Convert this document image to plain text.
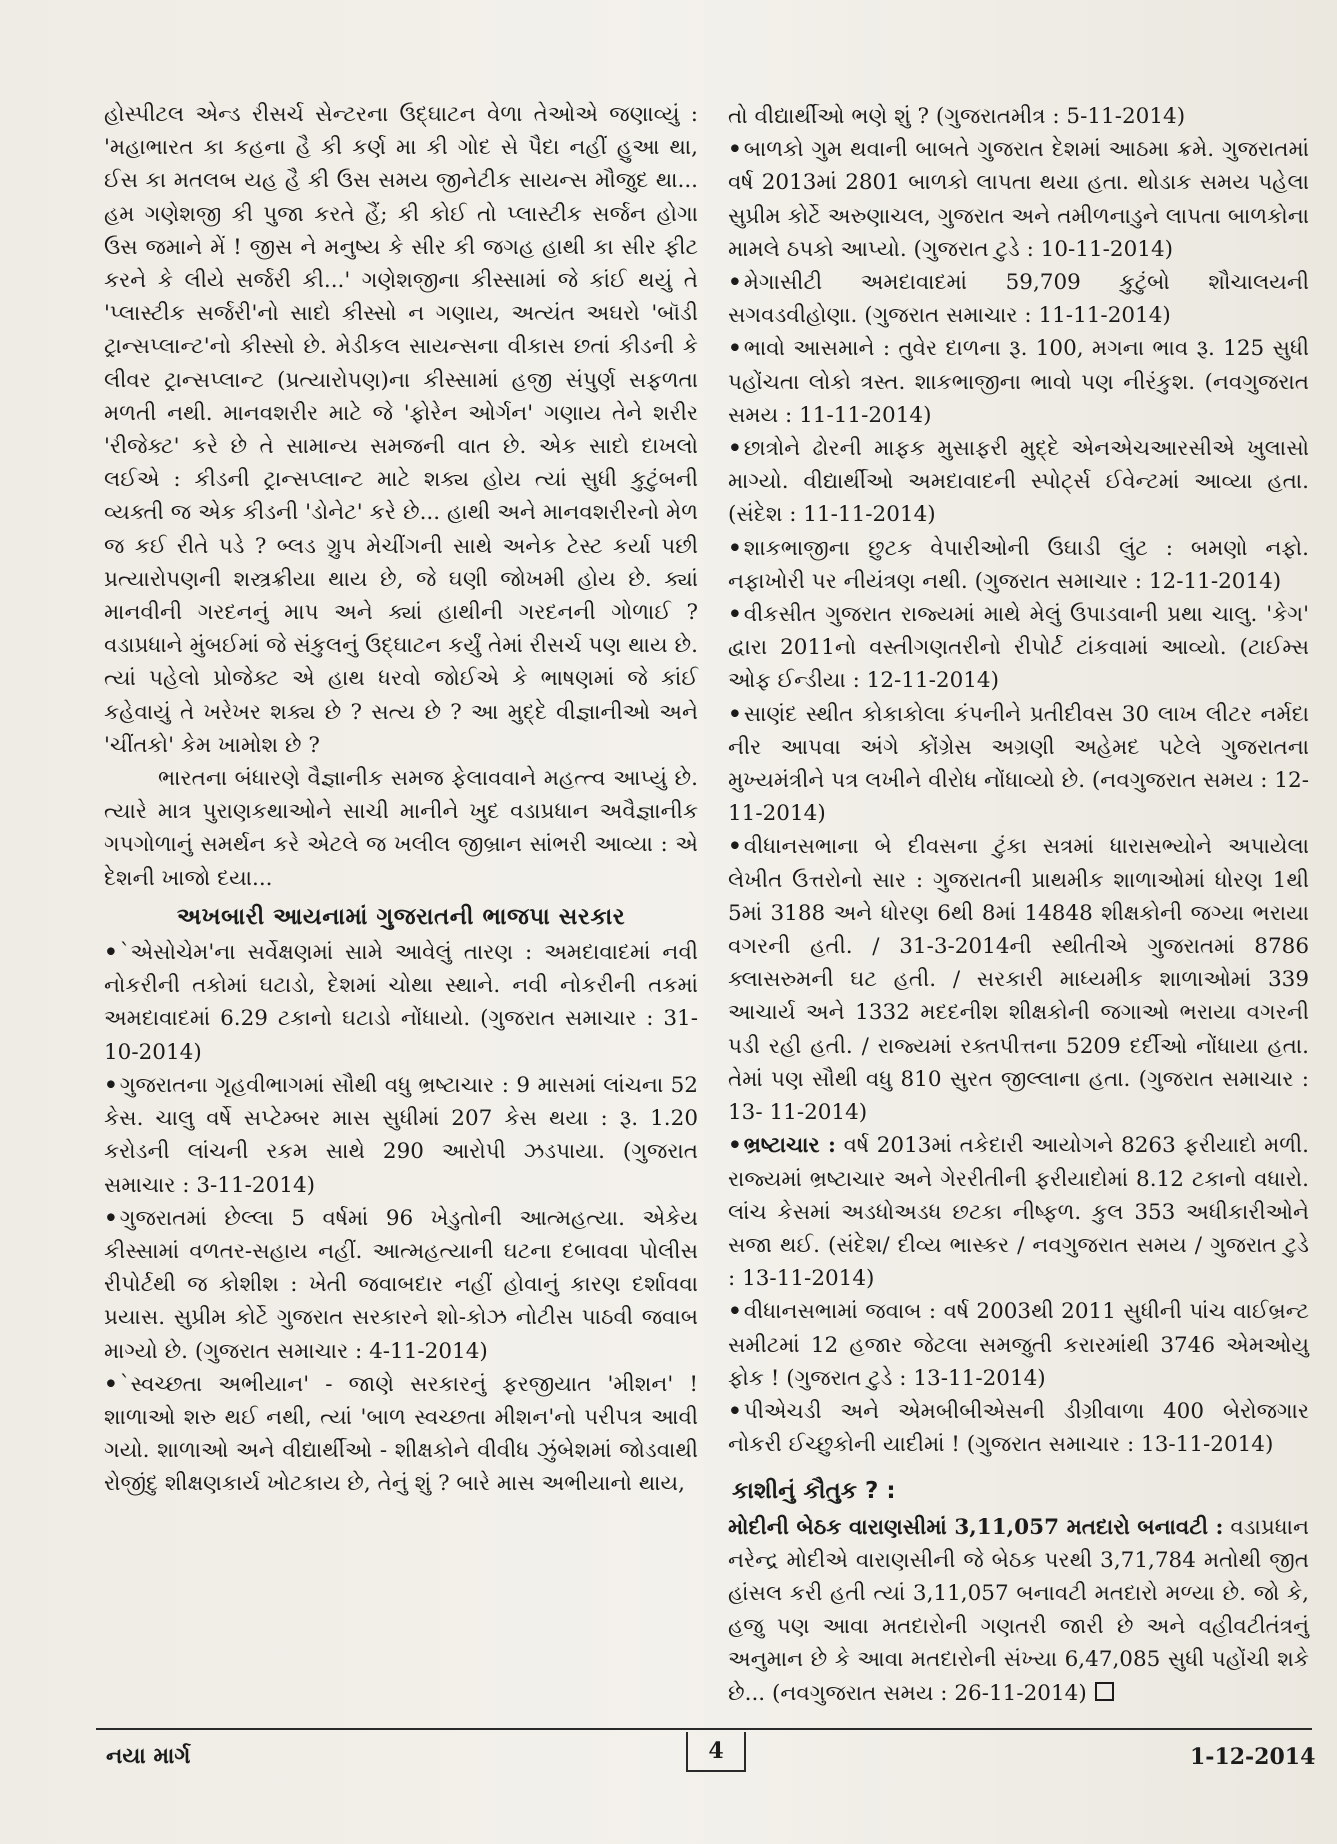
હોસ્પીટલ એન્ડ રીસર્ચ સેન્ટરના ઉદ્ઘાટન વેળા તેઓએ જણાવ્યું : 'મહાભારત કા કહના હૈ કી કર્ણ મા કી ગોદ સે પૈદા નહીં હુઆ થા, ઈસ કા મતલબ યહ હૈ કી ઉસ સમય જીનેટીક સાયન્સ મૌજુદ થા... હમ ગણેશજી કી પુજા કરતે હૈં; કી કોઈ તો પ્લાસ્ટીક સર્જન હોગા ઉસ જમાને મેં ! જીસ ને મનુષ્ય કે સીર કી જગહ હાથી કા સીર ફીટ કરને કે લીયે સર્જરી કી...' ગણેશજીના કીસ્સામાં જે કાંઈ થયું તે 'પ્લાસ્ટીક સર્જરી'નો સાદો કીસ્સો ન ગણાય, અત્યંત અઘરો 'બૉડી ટ્રાન્સપ્લાન્ટ'નો કીસ્સો છે. મેડીકલ સાયન્સના વીકાસ છતાં કીડની કે લીવર ટ્રાન્સપ્લાન્ટ (પ્રત્યારોપણ)ના કીસ્સામાં હજી સંપુર્ણ સફળતા મળતી નથી. માનવશરીર માટે જે 'ફોરેન ઓર્ગન' ગણાય તેને શરીર 'રીજેક્ટ' કરે છે તે સામાન્ય સમજની વાત છે. એક સાદો દાખલો લઈએ : કીડની ટ્રાન્સપ્લાન્ટ માટે શક્ય હોય ત્યાં સુધી કુટુંબની વ્યક્તી જ એક કીડની 'ડોનેટ' કરે છે... હાથી અને માનવશરીરનો મેળ જ કઈ રીતે પડે ? બ્લડ ગ્રુપ મેચીંગની સાથે અનેક ટેસ્ટ કર્યા પછી પ્રત્યારોપણની શસ્ત્રક્રીયા થાય છે, જે ઘણી જોખમી હોય છે. ક્યાં માનવીની ગરદનનું માપ અને ક્યાં હાથીની ગરદનની ગોળાઈ ? વડાપ્રધાને મુંબઈમાં જે સંકુલનું ઉદ્ઘાટન કર્યું તેમાં રીસર્ચ પણ થાય છે. ત્યાં પહેલો પ્રોજેક્ટ એ હાથ ધરવો જોઈએ કે ભાષણમાં જે કાંઈ કહેવાયું તે ખરેખર શક્ય છે ? સત્ય છે ? આ મુદ્દે વીજ્ઞાનીઓ અને 'ચીંતકો' કેમ ખામોશ છે ?

ભારતના બંધારણે વૈજ્ઞાનીક સમજ ફેલાવવાને મહત્ત્વ આપ્યું છે. ત્યારે માત્ર પુરાણકથાઓને સાચી માનીને ખુદ વડાપ્રધાન અવૈજ્ઞાનીક ગપગોળાનું સમર્થન કરે એટલે જ ખલીલ જીબ્રાન સાંભરી આવ્યા : એ દેશની ખાજો દયા...

અખબારી આયનામાં ગુજરાતની ભાજપા સરકાર

•`એસોચેમ'ના સર્વેક્ષણમાં સામે આવેલું તારણ : અમદાવાદમાં નવી નોકરીની તકોમાં ઘટાડો, દેશમાં ચોથા સ્થાને. નવી નોકરીની તકમાં અમદાવાદમાં 6.29 ટકાનો ઘટાડો નોંધાયો. (ગુજરાત સમાચાર : 31-10-2014)

•ગુજરાતના ગૃહવીભાગમાં સૌથી વધુ ભ્રષ્ટાચાર : 9 માસમાં લાંચના 52 કેસ. ચાલુ વર્ષે સપ્ટેમ્બર માસ સુધીમાં 207 કેસ થયા : રૂ. 1.20 કરોડની લાંચની રકમ સાથે 290 આરોપી ઝડપાયા. (ગુજરાત સમાચાર : 3-11-2014)

•ગુજરાતમાં છેલ્લા 5 વર્ષમાં 96 ખેડુતોની આત્મહત્યા. એકેય કીસ્સામાં વળતર-સહાય નહીં. આત્મહત્યાની ઘટના દબાવવા પોલીસ રીપોર્ટથી જ કોશીશ : ખેતી જવાબદાર નહીં હોવાનું કારણ દર્શાવવા પ્રયાસ. સુપ્રીમ કોર્ટે ગુજરાત સરકારને શો-કોઝ નોટીસ પાઠવી જવાબ માગ્યો છે. (ગુજરાત સમાચાર : 4-11-2014)

•`સ્વચ્છતા અભીયાન' - જાણે સરકારનું ફરજીયાત 'મીશન' ! શાળાઓ શરુ થઈ નથી, ત્યાં 'બાળ સ્વચ્છતા મીશન'નો પરીપત્ર આવી ગયો. શાળાઓ અને વીદ્યાર્થીઓ - શીક્ષકોને વીવીધ ઝુંબેશમાં જોડવાથી રોજીંદુ શીક્ષણકાર્ય ખોટકાય છે, તેનું શું ? બારે માસ અભીયાનો થાય,

તો વીદ્યાર્થીઓ ભણે શું ? (ગુજરાતમીત્ર : 5-11-2014)

•બાળકો ગુમ થવાની બાબતે ગુજરાત દેશમાં આઠમા ક્રમે. ગુજરાતમાં વર્ષ 2013માં 2801 બાળકો લાપતા થયા હતા. થોડાક સમય પહેલા સુપ્રીમ કોર્ટે અરુણાચલ, ગુજરાત અને તમીળનાડુને લાપતા બાળકોના મામલે ઠપકો આપ્યો. (ગુજરાત ટુડે : 10-11-2014)

•મેગાસીટી અમદાવાદમાં 59,709 કુટુંબો શૌચાલયની સગવડવીહોણા. (ગુજરાત સમાચાર : 11-11-2014)

•ભાવો આસમાને : તુવેર દાળના રૂ. 100, મગના ભાવ રૂ. 125 સુધી પહોંચતા લોકો ત્રસ્ત. શાકભાજીના ભાવો પણ નીરંકુશ. (નવગુજરાત સમય : 11-11-2014)

•છાત્રોને ઢોરની માફક મુસાફરી મુદ્દે એનએચઆરસીએ ખુલાસો માગ્યો. વીદ્યાર્થીઓ અમદાવાદની સ્પોર્ટ્સ ઈવેન્ટમાં આવ્યા હતા. (સંદેશ : 11-11-2014)

•શાકભાજીના છુટક વેપારીઓની ઉઘાડી લુંટ : બમણો નફો. નફાખોરી પર નીયંત્રણ નથી. (ગુજરાત સમાચાર : 12-11-2014)

•વીકસીત ગુજરાત રાજ્યમાં માથે મેલું ઉપાડવાની પ્રથા ચાલુ. 'કેગ' દ્વારા 2011નો વસ્તીગણતરીનો રીપોર્ટ ટાંકવામાં આવ્યો. (ટાઈમ્સ ઓફ ઈન્ડીયા : 12-11-2014)

•સાણંદ સ્થીત કોકાકોલા કંપનીને પ્રતીદીવસ 30 લાખ લીટર નર્મદા નીર આપવા અંગે કોંગ્રેસ અગ્રણી અહેમદ પટેલે ગુજરાતના મુખ્યમંત્રીને પત્ર લખીને વીરોધ નોંધાવ્યો છે. (નવગુજરાત સમય : 12-11-2014)

•વીધાનસભાના બે દીવસના ટુંકા સત્રમાં ધારાસભ્યોને અપાયેલા લેખીત ઉત્તરોનો સાર : ગુજરાતની પ્રાથમીક શાળાઓમાં ધોરણ 1થી 5માં 3188 અને ધોરણ 6થી 8માં 14848 શીક્ષકોની જગ્યા ભરાયા વગરની હતી. / 31-3-2014ની સ્થીતીએ ગુજરાતમાં 8786 ક્લાસરુમની ઘટ હતી. / સરકારી માધ્યમીક શાળાઓમાં 339 આચાર્ય અને 1332 મદદનીશ શીક્ષકોની જગાઓ ભરાયા વગરની પડી રહી હતી. / રાજ્યમાં રક્તપીત્તના 5209 દર્દીઓ નોંધાયા હતા. તેમાં પણ સૌથી વધુ 810 સુરત જીલ્લાના હતા. (ગુજરાત સમાચાર : 13- 11-2014)

•ભ્રષ્ટાચાર : વર્ષ 2013માં તકેદારી આયોગને 8263 ફરીયાદો મળી. રાજ્યમાં ભ્રષ્ટાચાર અને ગેરરીતીની ફરીયાદોમાં 8.12 ટકાનો વધારો. લાંચ કેસમાં અડધોઅડધ છટકા નીષ્ફળ. કુલ 353 અધીકારીઓને સજા થઈ. (સંદેશ/ દીવ્ય ભાસ્કર / નવગુજરાત સમય / ગુજરાત ટુડે : 13-11-2014)

•વીધાનસભામાં જવાબ : વર્ષ 2003થી 2011 સુધીની પાંચ વાઈબ્રન્ટ સમીટમાં 12 હજાર જેટલા સમજુતી કરારમાંથી 3746 એમઓયુ ફોક ! (ગુજરાત ટુડે : 13-11-2014)

•પીએચડી અને એમબીબીએસની ડીગ્રીવાળા 400 બેરોજગાર નોકરી ઈચ્છુકોની યાદીમાં ! (ગુજરાત સમાચાર : 13-11-2014)

કાશીનું કૌતુક ? :

મોદીની બેઠક વારાણસીમાં 3,11,057 મતદારો બનાવટી : વડાપ્રધાન નરેન્દ્ર મોદીએ વારાણસીની જે બેઠક પરથી 3,71,784 મતોથી જીત હાંસલ કરી હતી ત્યાં 3,11,057 બનાવટી મતદારો મળ્યા છે. જો કે, હજુ પણ આવા મતદારોની ગણતરી જારી છે અને વહીવટીતંત્રનું અનુમાન છે કે આવા મતદારોની સંખ્યા 6,47,085 સુધી પહોંચી શકે છે... (નવગુજરાત સમય : 26-11-2014)

નયા માર્ગ	4	1-12-2014
